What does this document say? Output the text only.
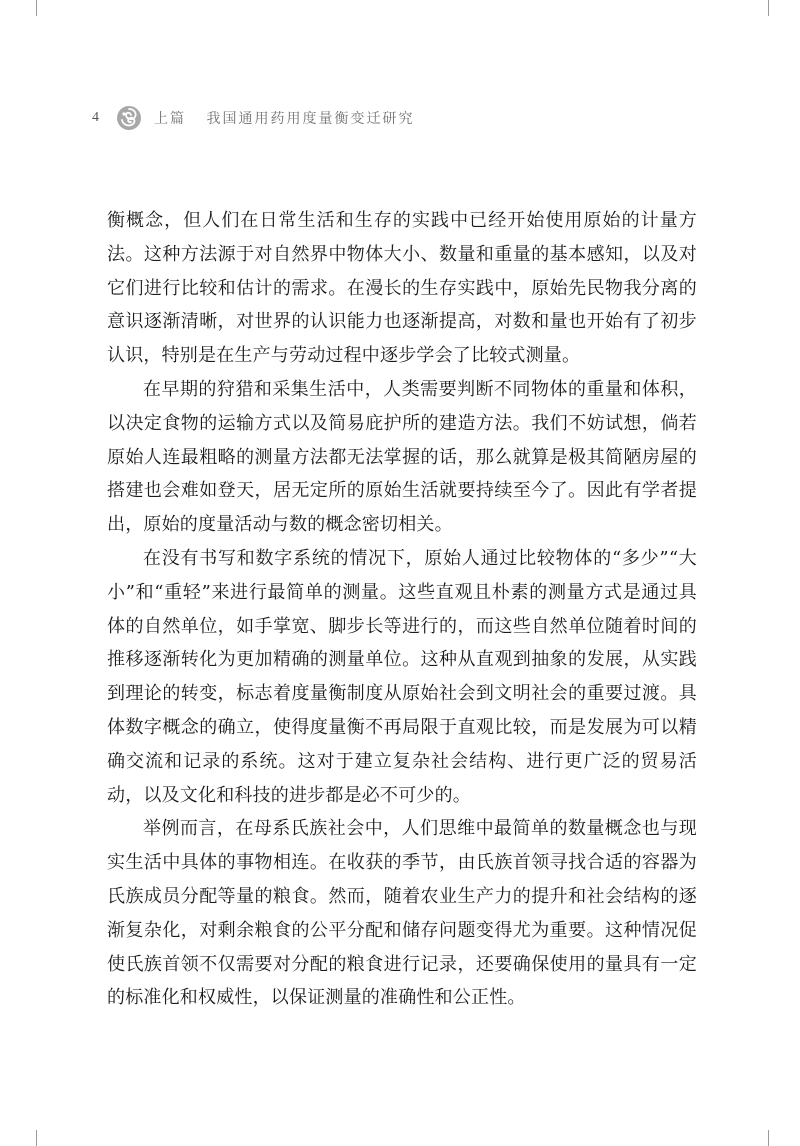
4	上篇 我国通用药用度量衡变迁研究

衡概念，但人们在日常生活和生存的实践中已经开始使用原始的计量方法。这种方法源于对自然界中物体大小、数量和重量的基本感知，以及对它们进行比较和估计的需求。在漫长的生存实践中，原始先民物我分离的意识逐渐清晰，对世界的认识能力也逐渐提高，对数和量也开始有了初步认识，特别是在生产与劳动过程中逐步学会了比较式测量。

在早期的狩猎和采集生活中，人类需要判断不同物体的重量和体积，以决定食物的运输方式以及简易庇护所的建造方法。我们不妨试想，倘若原始人连最粗略的测量方法都无法掌握的话，那么就算是极其简陋房屋的搭建也会难如登天，居无定所的原始生活就要持续至今了。因此有学者提出，原始的度量活动与数的概念密切相关。

在没有书写和数字系统的情况下，原始人通过比较物体的“多少”“大小”和“重轻”来进行最简单的测量。这些直观且朴素的测量方式是通过具体的自然单位，如手掌宽、脚步长等进行的，而这些自然单位随着时间的推移逐渐转化为更加精确的测量单位。这种从直观到抽象的发展，从实践到理论的转变，标志着度量衡制度从原始社会到文明社会的重要过渡。具体数字概念的确立，使得度量衡不再局限于直观比较，而是发展为可以精确交流和记录的系统。这对于建立复杂社会结构、进行更广泛的贸易活动，以及文化和科技的进步都是必不可少的。

举例而言，在母系氏族社会中，人们思维中最简单的数量概念也与现实生活中具体的事物相连。在收获的季节，由氏族首领寻找合适的容器为氏族成员分配等量的粮食。然而，随着农业生产力的提升和社会结构的逐渐复杂化，对剩余粮食的公平分配和储存问题变得尤为重要。这种情况促使氏族首领不仅需要对分配的粮食进行记录，还要确保使用的量具有一定的标准化和权威性，以保证测量的准确性和公正性。
